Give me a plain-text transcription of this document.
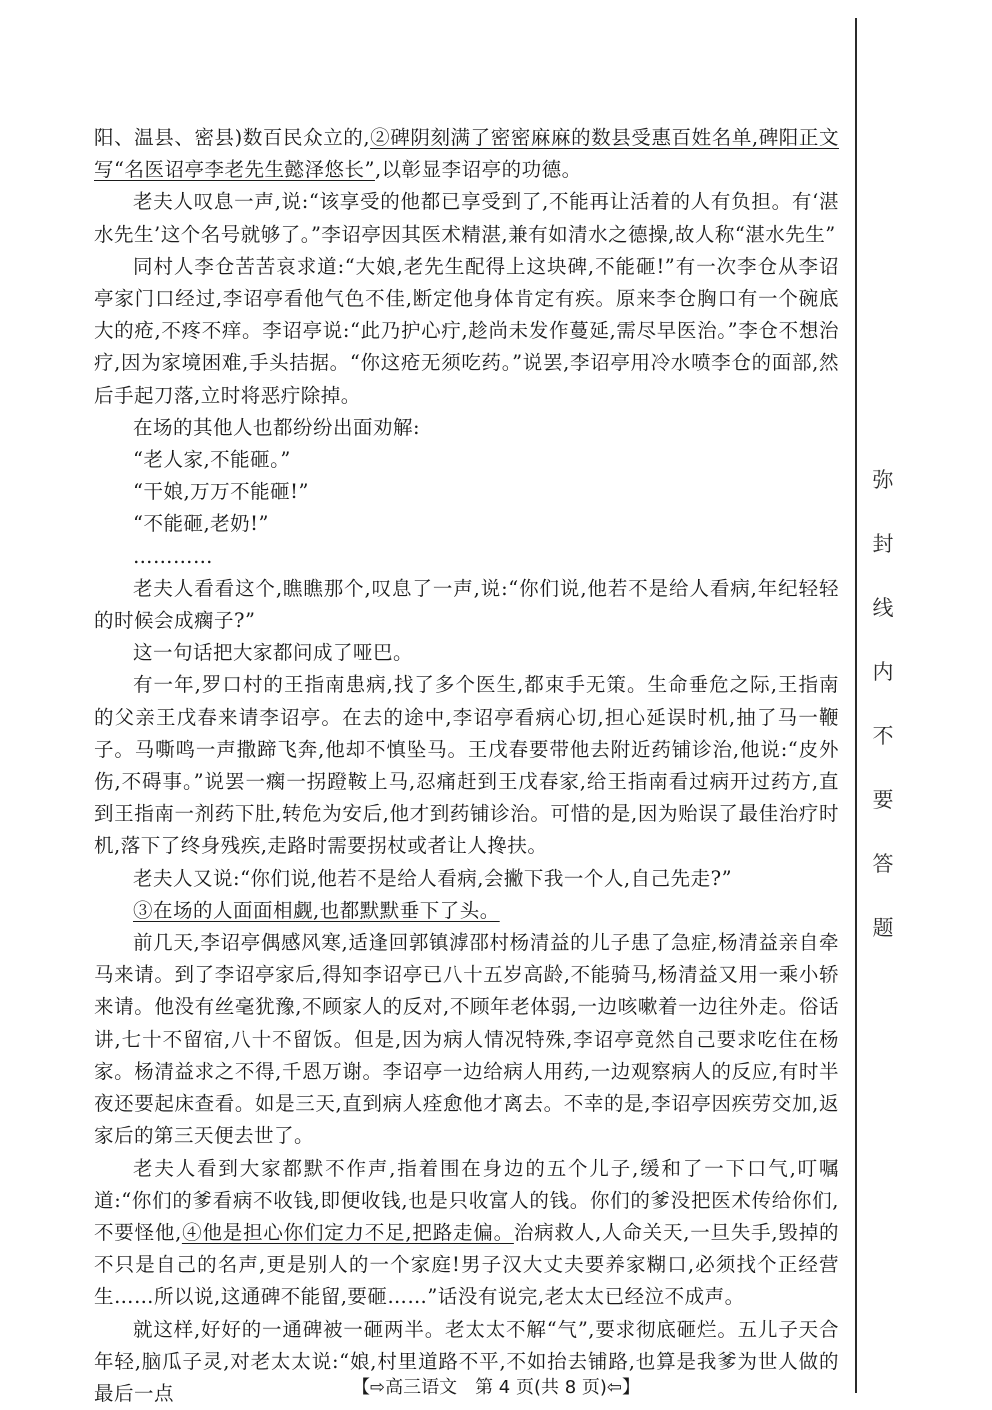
弥
封
线
内
不
要
答
题

阳、温县、密县)数百民众立的,②碑阴刻满了密密麻麻的数县受惠百姓名单,碑阳正文写“名医诏亭李老先生懿泽悠长”,以彰显李诏亭的功德。

老夫人叹息一声,说:“该享受的他都已享受到了,不能再让活着的人有负担。有‘湛水先生’这个名号就够了。”李诏亭因其医术精湛,兼有如清水之德操,故人称“湛水先生”

同村人李仓苦苦哀求道:“大娘,老先生配得上这块碑,不能砸!”有一次李仓从李诏亭家门口经过,李诏亭看他气色不佳,断定他身体肯定有疾。原来李仓胸口有一个碗底大的疮,不疼不痒。李诏亭说:“此乃护心疔,趁尚未发作蔓延,需尽早医治。”李仓不想治疗,因为家境困难,手头拮据。“你这疮无须吃药。”说罢,李诏亭用冷水喷李仓的面部,然后手起刀落,立时将恶疔除掉。

在场的其他人也都纷纷出面劝解:

“老人家,不能砸。”

“干娘,万万不能砸!”

“不能砸,老奶!”

…………

老夫人看看这个,瞧瞧那个,叹息了一声,说:“你们说,他若不是给人看病,年纪轻轻的时候会成瘸子?”

这一句话把大家都问成了哑巴。

有一年,罗口村的王指南患病,找了多个医生,都束手无策。生命垂危之际,王指南的父亲王戊春来请李诏亭。在去的途中,李诏亭看病心切,担心延误时机,抽了马一鞭子。马嘶鸣一声撒蹄飞奔,他却不慎坠马。王戊春要带他去附近药铺诊治,他说:“皮外伤,不碍事。”说罢一瘸一拐蹬鞍上马,忍痛赶到王戊春家,给王指南看过病开过药方,直到王指南一剂药下肚,转危为安后,他才到药铺诊治。可惜的是,因为贻误了最佳治疗时机,落下了终身残疾,走路时需要拐杖或者让人搀扶。

老夫人又说:“你们说,他若不是给人看病,会撇下我一个人,自己先走?”

③在场的人面面相觑,也都默默垂下了头。

前几天,李诏亭偶感风寒,适逢回郭镇滹邵村杨清益的儿子患了急症,杨清益亲自牵马来请。到了李诏亭家后,得知李诏亭已八十五岁高龄,不能骑马,杨清益又用一乘小轿来请。他没有丝毫犹豫,不顾家人的反对,不顾年老体弱,一边咳嗽着一边往外走。俗话讲,七十不留宿,八十不留饭。但是,因为病人情况特殊,李诏亭竟然自己要求吃住在杨家。杨清益求之不得,千恩万谢。李诏亭一边给病人用药,一边观察病人的反应,有时半夜还要起床查看。如是三天,直到病人痊愈他才离去。不幸的是,李诏亭因疾劳交加,返家后的第三天便去世了。

老夫人看到大家都默不作声,指着围在身边的五个儿子,缓和了一下口气,叮嘱道:“你们的爹看病不收钱,即便收钱,也是只收富人的钱。你们的爹没把医术传给你们,不要怪他,④他是担心你们定力不足,把路走偏。治病救人,人命关天,一旦失手,毁掉的不只是自己的名声,更是别人的一个家庭!男子汉大丈夫要养家糊口,必须找个正经营生……所以说,这通碑不能留,要砸……”话没有说完,老太太已经泣不成声。

就这样,好好的一通碑被一砸两半。老太太不解“气”,要求彻底砸烂。五儿子天合年轻,脑瓜子灵,对老太太说:“娘,村里道路不平,不如抬去铺路,也算是我爹为世人做的最后一点	【⇨高三语文　第 4 页(共 8 页)⇦】
